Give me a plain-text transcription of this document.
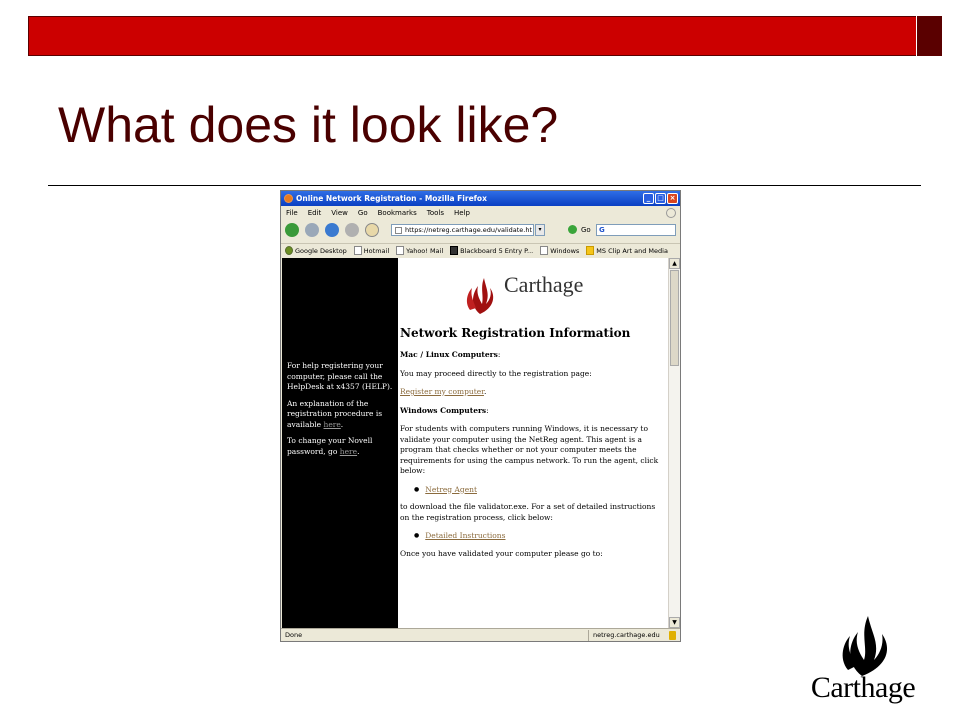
What does it look like?
Online Network Registration - Mozilla Firefox	_ □ ×
File Edit View Go Bookmarks Tools Help
https://netreg.carthage.edu/validate.ht	▾	Go	G
Google Desktop	Hotmail	Yahoo! Mail	Blackboard 5 Entry P...	Windows	MS Clip Art and Media

For help registering your computer, please call the HelpDesk at x4357 (HELP).

An explanation of the registration procedure is available here.

To change your Novell password, go here.

Carthage
Network Registration Information

Mac / Linux Computers:

You may proceed directly to the registration page:

Register my computer.

Windows Computers:

For students with computers running Windows, it is necessary to validate your computer using the NetReg agent. This agent is a program that checks whether or not your computer meets the requirements for using the campus network. To run the agent, click below:

● Netreg Agent

to download the file validator.exe. For a set of detailed instructions on the registration process, click below:

● Detailed Instructions

Once you have validated your computer please go to:

▲
▼
Done	netreg.carthage.edu
Carthage
